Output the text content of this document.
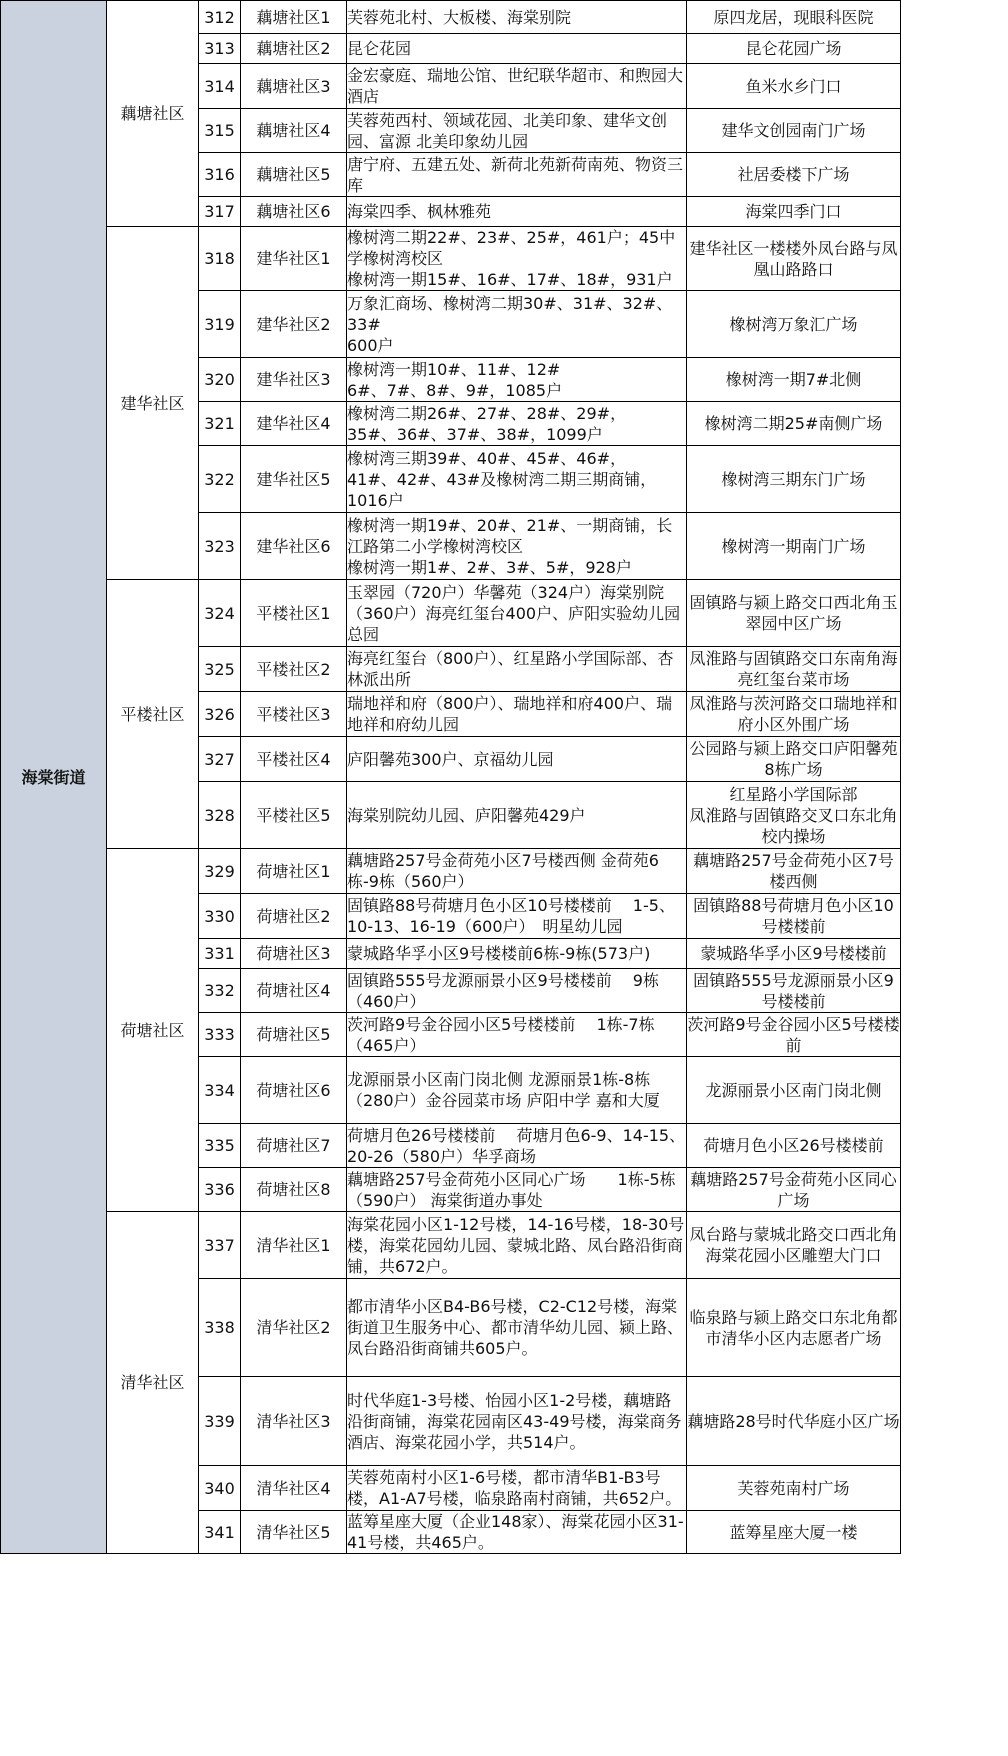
海棠街道	藕塘社区	312	藕塘社区1	芙蓉苑北村、大板楼、海棠别院	原四龙居，现眼科医院
		313	藕塘社区2	昆仑花园	昆仑花园广场
		314	藕塘社区3	金宏豪庭、瑞地公馆、世纪联华超市、和煦园大酒店	鱼米水乡门口
		315	藕塘社区4	芙蓉苑西村、领域花园、北美印象、建华文创园、富源 北美印象幼儿园	建华文创园南门广场
		316	藕塘社区5	唐宁府、五建五处、新荷北苑新荷南苑、物资三库	社居委楼下广场
		317	藕塘社区6	海棠四季、枫林雅苑	海棠四季门口
	建华社区	318	建华社区1	橡树湾二期22#、23#、25#，461户；45中学橡树湾校区
橡树湾一期15#、16#、17#、18#，931户	建华社区一楼楼外凤台路与凤凰山路路口
		319	建华社区2	万象汇商场、橡树湾二期30#、31#、32#、33#
600户	橡树湾万象汇广场
		320	建华社区3	橡树湾一期10#、11#、12#
6#、7#、8#、9#，1085户	橡树湾一期7#北侧
		321	建华社区4	橡树湾二期26#、27#、28#、29#，
35#、36#、37#、38#，1099户	橡树湾二期25#南侧广场
		322	建华社区5	橡树湾三期39#、40#、45#、46#，
41#、42#、43#及橡树湾二期三期商铺，1016户	橡树湾三期东门广场
		323	建华社区6	橡树湾一期19#、20#、21#、一期商铺，长江路第二小学橡树湾校区
橡树湾一期1#、2#、3#、5#，928户	橡树湾一期南门广场
	平楼社区	324	平楼社区1	玉翠园（720户）华馨苑（324户）海棠别院（360户）海亮红玺台400户、庐阳实验幼儿园总园	固镇路与颍上路交口西北角玉翠园中区广场
		325	平楼社区2	海亮红玺台（800户）、红星路小学国际部、杏林派出所	凤淮路与固镇路交口东南角海亮红玺台菜市场
		326	平楼社区3	瑞地祥和府（800户）、瑞地祥和府400户、瑞地祥和府幼儿园	凤淮路与茨河路交口瑞地祥和府小区外围广场
		327	平楼社区4	庐阳馨苑300户、京福幼儿园	公园路与颍上路交口庐阳馨苑8栋广场
		328	平楼社区5	海棠别院幼儿园、庐阳馨苑429户	红星路小学国际部
凤淮路与固镇路交叉口东北角 校内操场
	荷塘社区	329	荷塘社区1	藕塘路257号金荷苑小区7号楼西侧 金荷苑6栋-9栋（560户）	藕塘路257号金荷苑小区7号楼西侧
		330	荷塘社区2	固镇路88号荷塘月色小区10号楼楼前　 1-5、10-13、16-19（600户）　明星幼儿园	固镇路88号荷塘月色小区10号楼楼前
		331	荷塘社区3	蒙城路华孚小区9号楼楼前6栋-9栋(573户)	蒙城路华孚小区9号楼楼前
		332	荷塘社区4	固镇路555号龙源丽景小区9号楼楼前　 9栋（460户）	固镇路555号龙源丽景小区9号楼楼前
		333	荷塘社区5	茨河路9号金谷园小区5号楼楼前　 1栋-7栋（465户）	茨河路9号金谷园小区5号楼楼前
		334	荷塘社区6	龙源丽景小区南门岗北侧 龙源丽景1栋-8栋（280户）金谷园菜市场 庐阳中学 嘉和大厦	龙源丽景小区南门岗北侧
		335	荷塘社区7	荷塘月色26号楼楼前　 荷塘月色6-9、14-15、20-26（580户）华孚商场	荷塘月色小区26号楼楼前
		336	荷塘社区8	藕塘路257号金荷苑小区同心广场　　1栋-5栋（590户） 海棠街道办事处	藕塘路257号金荷苑小区同心广场
	清华社区	337	清华社区1	海棠花园小区1-12号楼，14-16号楼，18-30号楼，海棠花园幼儿园、蒙城北路、凤台路沿街商铺，共672户。	凤台路与蒙城北路交口西北角海棠花园小区雕塑大门口
		338	清华社区2	都市清华小区B4-B6号楼，C2-C12号楼，海棠街道卫生服务中心、都市清华幼儿园、颍上路、凤台路沿街商铺共605户。	临泉路与颍上路交口东北角都市清华小区内志愿者广场
		339	清华社区3	时代华庭1-3号楼、怡园小区1-2号楼，藕塘路沿街商铺，海棠花园南区43-49号楼，海棠商务酒店、海棠花园小学，共514户。	藕塘路28号时代华庭小区广场
		340	清华社区4	芙蓉苑南村小区1-6号楼，都市清华B1-B3号楼，A1-A7号楼，临泉路南村商铺，共652户。	芙蓉苑南村广场
		341	清华社区5	蓝筹星座大厦（企业148家）、海棠花园小区31-41号楼，共465户。	蓝筹星座大厦一楼
